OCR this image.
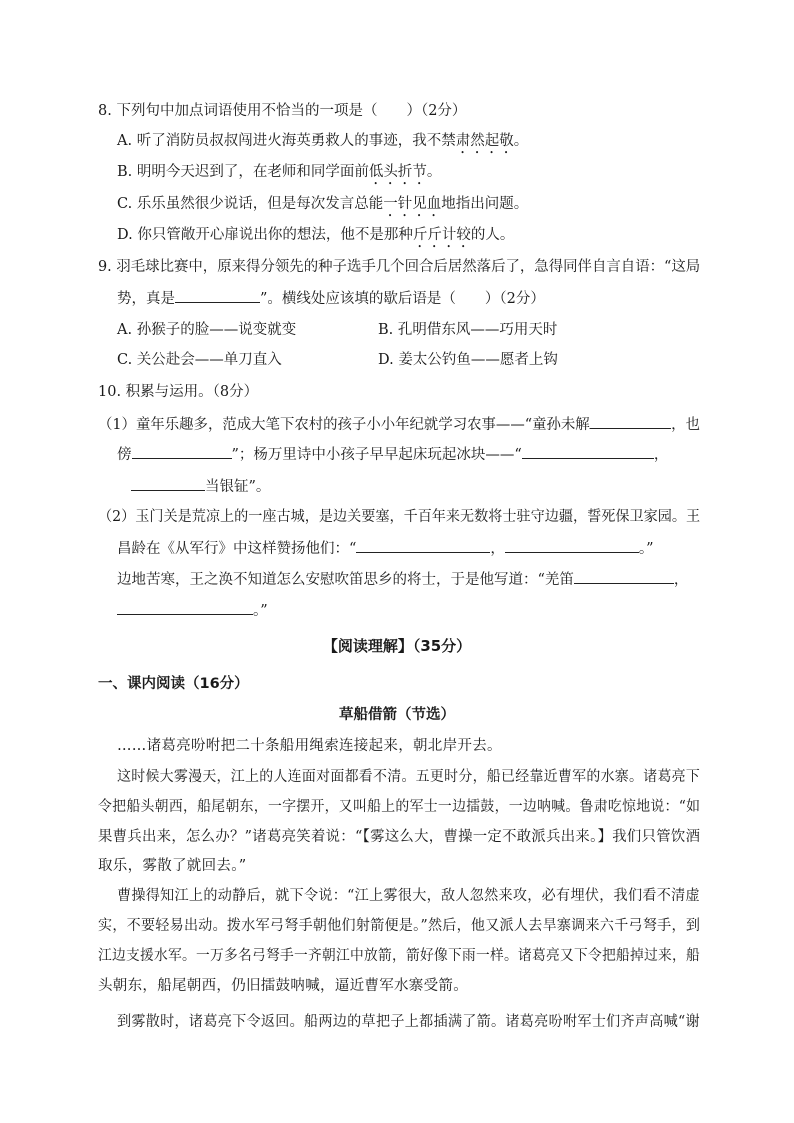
8. 下列句中加点词语使用不恰当的一项是（　　）（2分）
A. 听了消防员叔叔闯进火海英勇救人的事迹，我不禁肃然起敬。
B. 明明今天迟到了，在老师和同学面前低头折节。
C. 乐乐虽然很少说话，但是每次发言总能一针见血地指出问题。
D. 你只管敞开心扉说出你的想法，他不是那种斤斤计较的人。
9. 羽毛球比赛中，原来得分领先的种子选手几个回合后居然落后了，急得同伴自言自语：“这局
势，真是	”。横线处应该填的歇后语是（　　）（2分）
A. 孙猴子的脸——说变就变	B. 孔明借东风——巧用天时
C. 关公赴会——单刀直入	D. 姜太公钓鱼——愿者上钩
10. 积累与运用。（8分）
（1）童年乐趣多，范成大笔下农村的孩子小小年纪就学习农事——“童孙未解	，也
傍	”；杨万里诗中小孩子早早起床玩起冰块——“	，
当银钲”。
（2）玉门关是荒凉上的一座古城，是边关要塞，千百年来无数将士驻守边疆，誓死保卫家园。王
昌龄在《从军行》中这样赞扬他们：“	，	。”
边地苦寒，王之涣不知道怎么安慰吹笛思乡的将士，于是他写道：“羌笛	，
。”
【阅读理解】（35分）
一、课内阅读（16分）
草船借箭（节选）
……诸葛亮吩咐把二十条船用绳索连接起来，朝北岸开去。
这时候大雾漫天，江上的人连面对面都看不清。五更时分，船已经靠近曹军的水寨。诸葛亮下
令把船头朝西，船尾朝东，一字摆开，又叫船上的军士一边擂鼓，一边呐喊。鲁肃吃惊地说：“如
果曹兵出来，怎么办？”诸葛亮笑着说：“【雾这么大，曹操一定不敢派兵出来。】我们只管饮酒
取乐，雾散了就回去。”
曹操得知江上的动静后，就下令说：“江上雾很大，敌人忽然来攻，必有埋伏，我们看不清虚
实，不要轻易出动。拨水军弓弩手朝他们射箭便是。”然后，他又派人去旱寨调来六千弓弩手，到
江边支援水军。一万多名弓弩手一齐朝江中放箭，箭好像下雨一样。诸葛亮又下令把船掉过来，船
头朝东，船尾朝西，仍旧擂鼓呐喊，逼近曹军水寨受箭。
到雾散时，诸葛亮下令返回。船两边的草把子上都插满了箭。诸葛亮吩咐军士们齐声高喊“谢
